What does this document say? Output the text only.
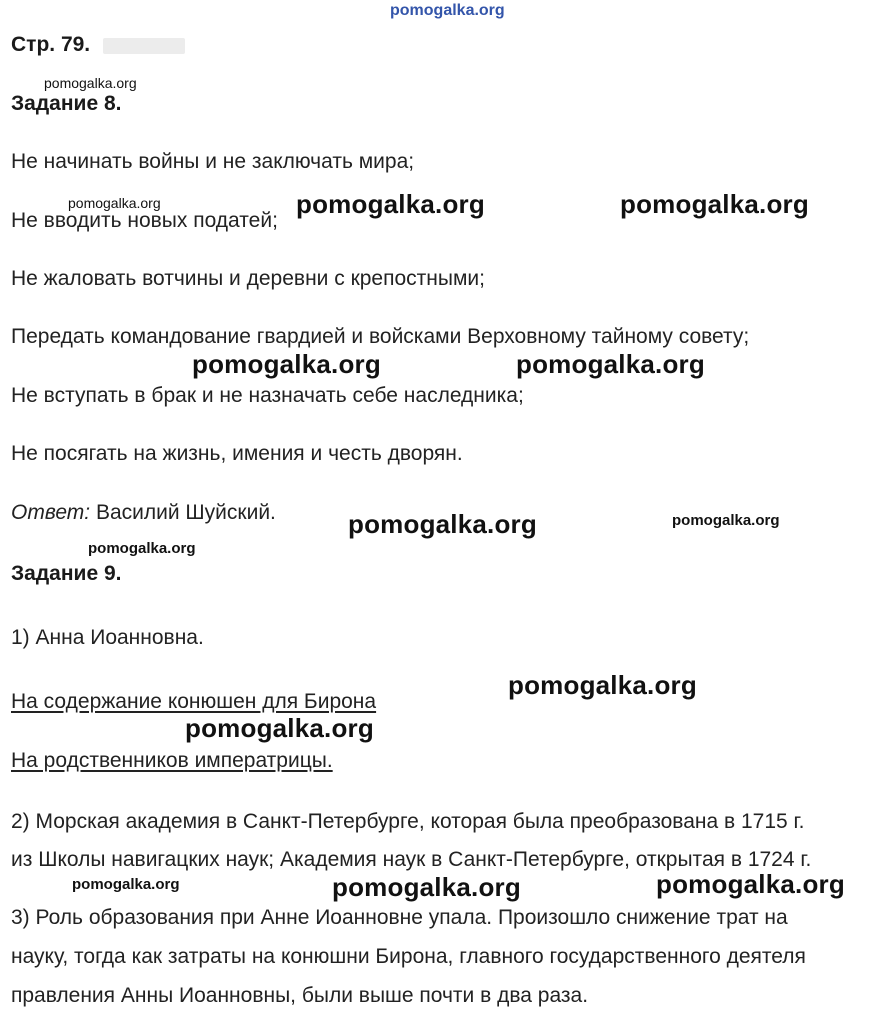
pomogalka.org
Стр. 79.
pomogalka.org
Задание 8.
Не начинать войны и не заключать мира;
pomogalka.org
Не вводить новых податей;
pomogalka.org	pomogalka.org
Не жаловать вотчины и деревни с крепостными;
Передать командование гвардией и войсками Верховному тайному совету;
pomogalka.org	pomogalka.org
Не вступать в брак и не назначать себе наследника;
Не посягать на жизнь, имения и честь дворян.
Ответ: Василий Шуйский.	pomogalka.org	pomogalka.org
pomogalka.org
Задание 9.
1) Анна Иоанновна.
pomogalka.org
На содержание конюшен для Бирона
pomogalka.org
На родственников императрицы.
2) Морская академия в Санкт-Петербурге, которая была преобразована в 1715 г.
из Школы навигацких наук; Академия наук в Санкт-Петербурге, открытая в 1724 г.
pomogalka.org	pomogalka.org	pomogalka.org
3) Роль образования при Анне Иоанновне упала. Произошло снижение трат на
науку, тогда как затраты на конюшни Бирона, главного государственного деятеля
правления Анны Иоанновны, были выше почти в два раза.
